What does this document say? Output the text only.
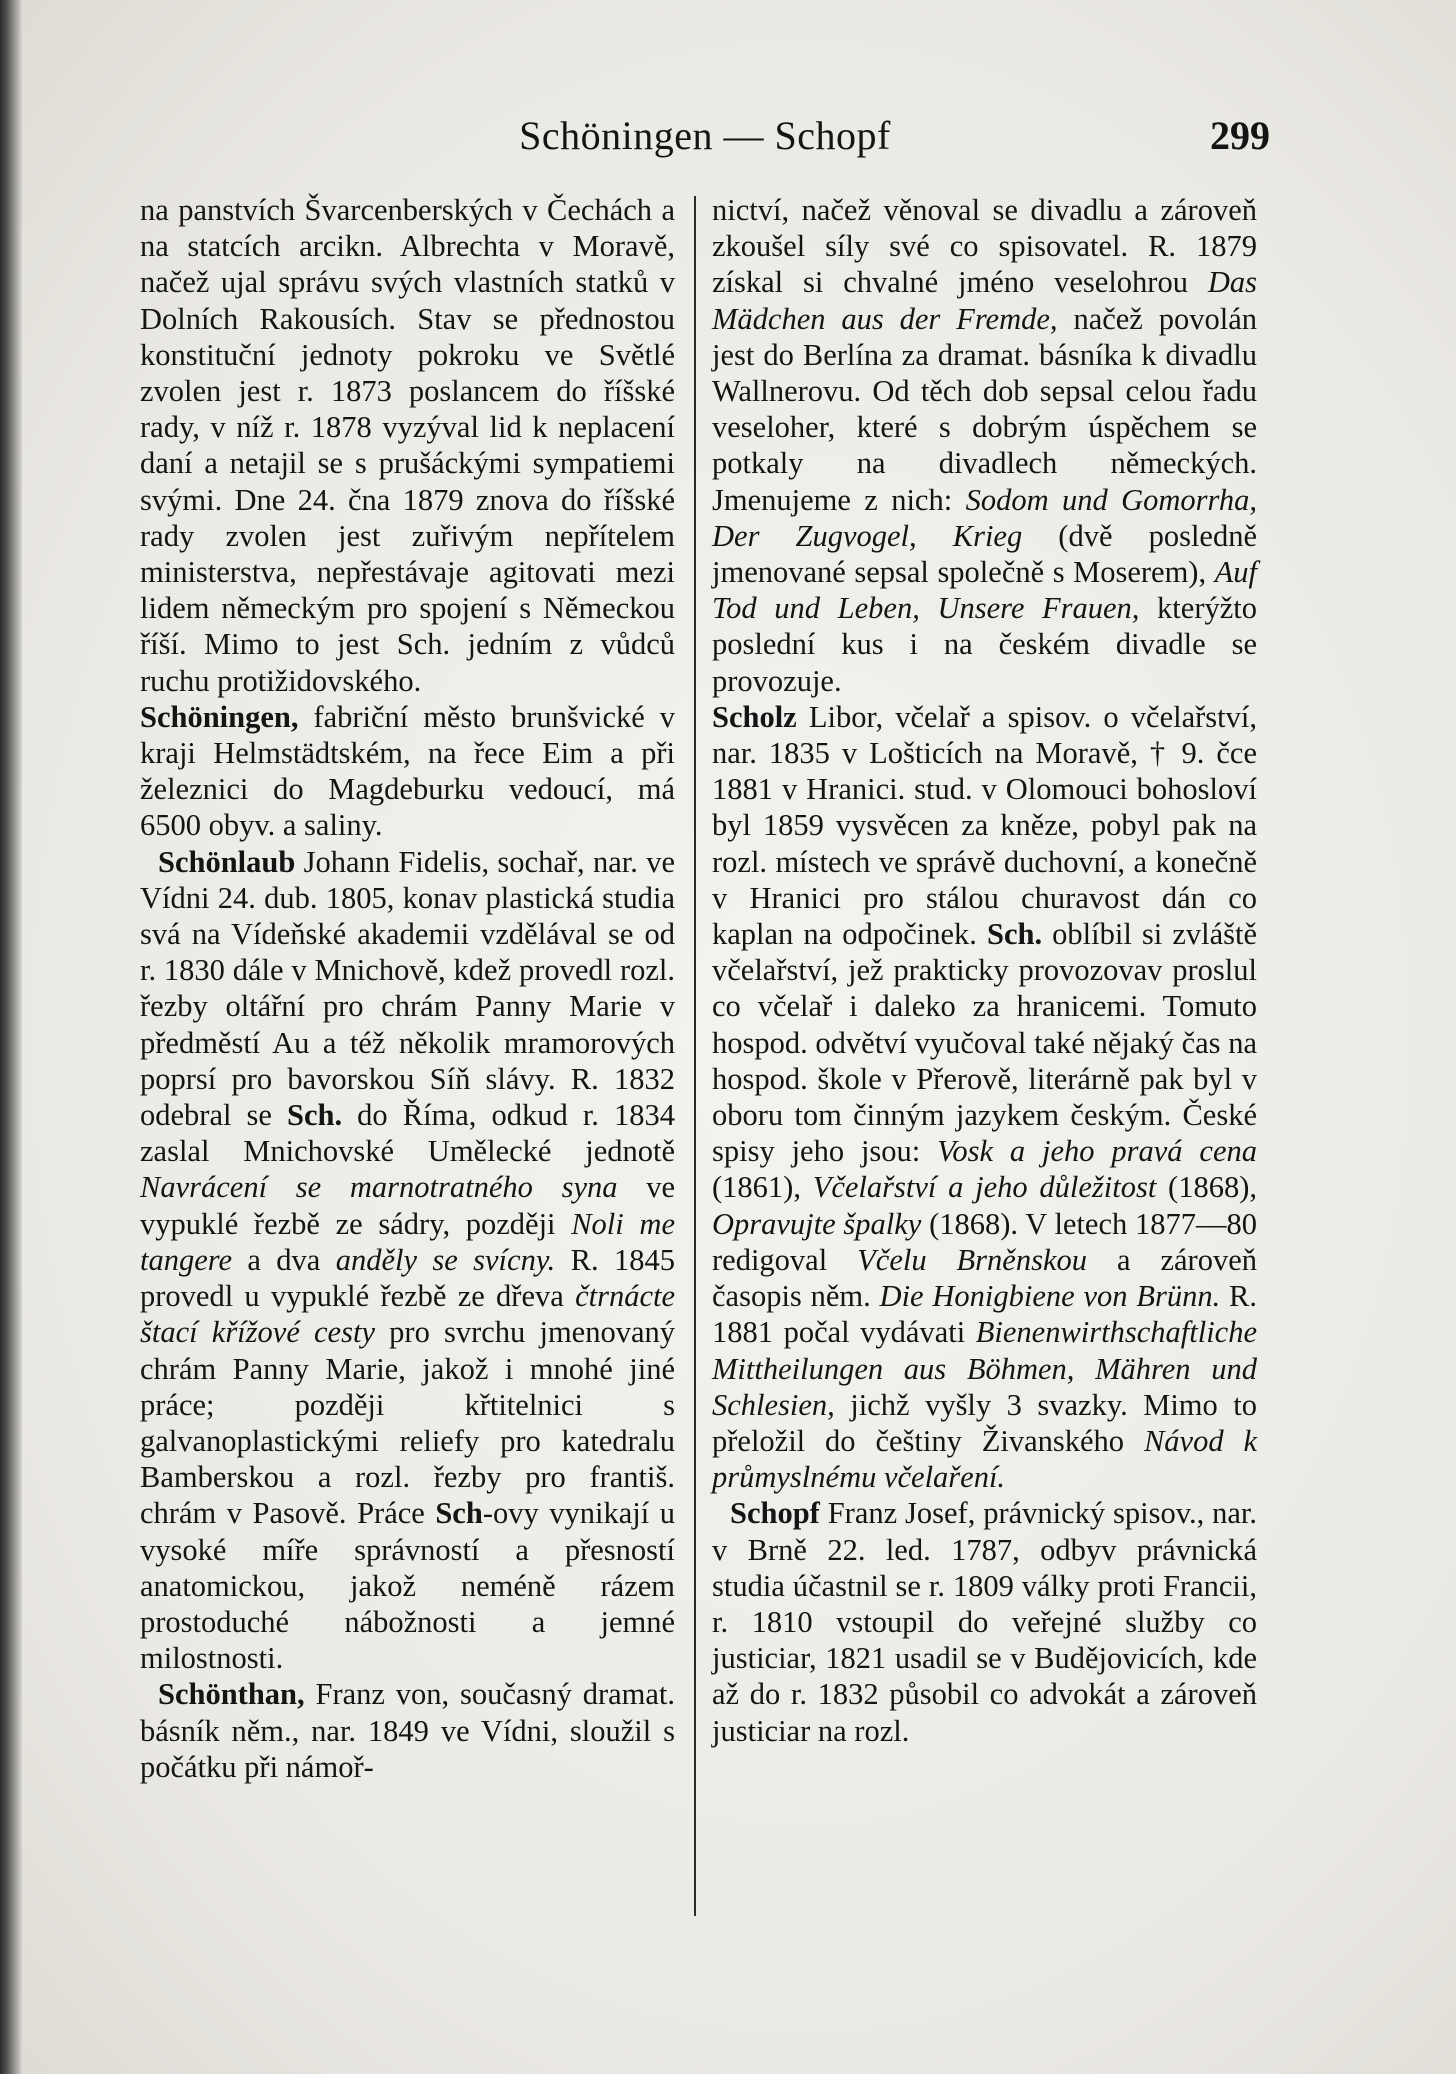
Schöningen — Schopf	299

na panstvích Švarcenberských v Čechách a na statcích arcikn. Albrechta v Moravě, načež ujal správu svých vlastních statků v Dolních Rakousích. Stav se přednostou konstituční jednoty pokroku ve Světlé zvolen jest r. 1873 poslancem do říšské rady, v níž r. 1878 vyzýval lid k neplacení daní a netajil se s prušáckými sympatiemi svými. Dne 24. čna 1879 znova do říšské rady zvolen jest zuřivým nepřítelem ministerstva, nepřestávaje agitovati mezi lidem německým pro spojení s Německou říší. Mimo to jest Sch. jedním z vůdců ruchu protižidovského.

Schöningen, fabriční město brunšvické v kraji Helmstädtském, na řece Eim a při železnici do Magdeburku vedoucí, má 6500 obyv. a saliny.

Schönlaub Johann Fidelis, sochař, nar. ve Vídni 24. dub. 1805, konav plastická studia svá na Vídeňské akademii vzdělával se od r. 1830 dále v Mnichově, kdež provedl rozl. řezby oltářní pro chrám Panny Marie v předměstí Au a též několik mramorových poprsí pro bavorskou Síň slávy. R. 1832 odebral se Sch. do Říma, odkud r. 1834 zaslal Mnichovské Umělecké jednotě Navrácení se marnotratného syna ve vypuklé řezbě ze sádry, později Noli me tangere a dva anděly se svícny. R. 1845 provedl u vypuklé řezbě ze dřeva čtrnácte štací křížové cesty pro svrchu jmenovaný chrám Panny Marie, jakož i mnohé jiné práce; později křtitelnici s galvanoplastickými reliefy pro katedralu Bamberskou a rozl. řezby pro františ. chrám v Pasově. Práce Sch-ovy vynikají u vysoké míře správností a přesností anatomickou, jakož neméně rázem prostoduché nábožnosti a jemné milostnosti.

Schönthan, Franz von, současný dramat. básník něm., nar. 1849 ve Vídni, sloužil s počátku při námoř-

nictví, načež věnoval se divadlu a zároveň zkoušel síly své co spisovatel. R. 1879 získal si chvalné jméno veselohrou Das Mädchen aus der Fremde, načež povolán jest do Berlína za dramat. básníka k divadlu Wallnerovu. Od těch dob sepsal celou řadu veseloher, které s dobrým úspěchem se potkaly na divadlech německých. Jmenujeme z nich: Sodom und Gomorrha, Der Zugvogel, Krieg (dvě posledně jmenované sepsal společně s Moserem), Auf Tod und Leben, Unsere Frauen, kterýžto poslední kus i na českém divadle se provozuje.

Scholz Libor, včelař a spisov. o včelařství, nar. 1835 v Lošticích na Moravě, † 9. čce 1881 v Hranici. stud. v Olomouci bohosloví byl 1859 vysvěcen za kněze, pobyl pak na rozl. místech ve správě duchovní, a konečně v Hranici pro stálou churavost dán co kaplan na odpočinek. Sch. oblíbil si zvláště včelařství, jež prakticky provozovav proslul co včelař i daleko za hranicemi. Tomuto hospod. odvětví vyučoval také nějaký čas na hospod. škole v Přerově, literárně pak byl v oboru tom činným jazykem českým. České spisy jeho jsou: Vosk a jeho pravá cena (1861), Včelařství a jeho důležitost (1868), Opravujte špalky (1868). V letech 1877—80 redigoval Včelu Brněnskou a zároveň časopis něm. Die Honigbiene von Brünn. R. 1881 počal vydávati Bienenwirthschaftliche Mittheilungen aus Böhmen, Mähren und Schlesien, jichž vyšly 3 svazky. Mimo to přeložil do češtiny Živanského Návod k průmyslnému včelaření.

Schopf Franz Josef, právnický spisov., nar. v Brně 22. led. 1787, odbyv právnická studia účastnil se r. 1809 války proti Francii, r. 1810 vstoupil do veřejné služby co justiciar, 1821 usadil se v Budějovicích, kde až do r. 1832 působil co advokát a zároveň justiciar na rozl.
